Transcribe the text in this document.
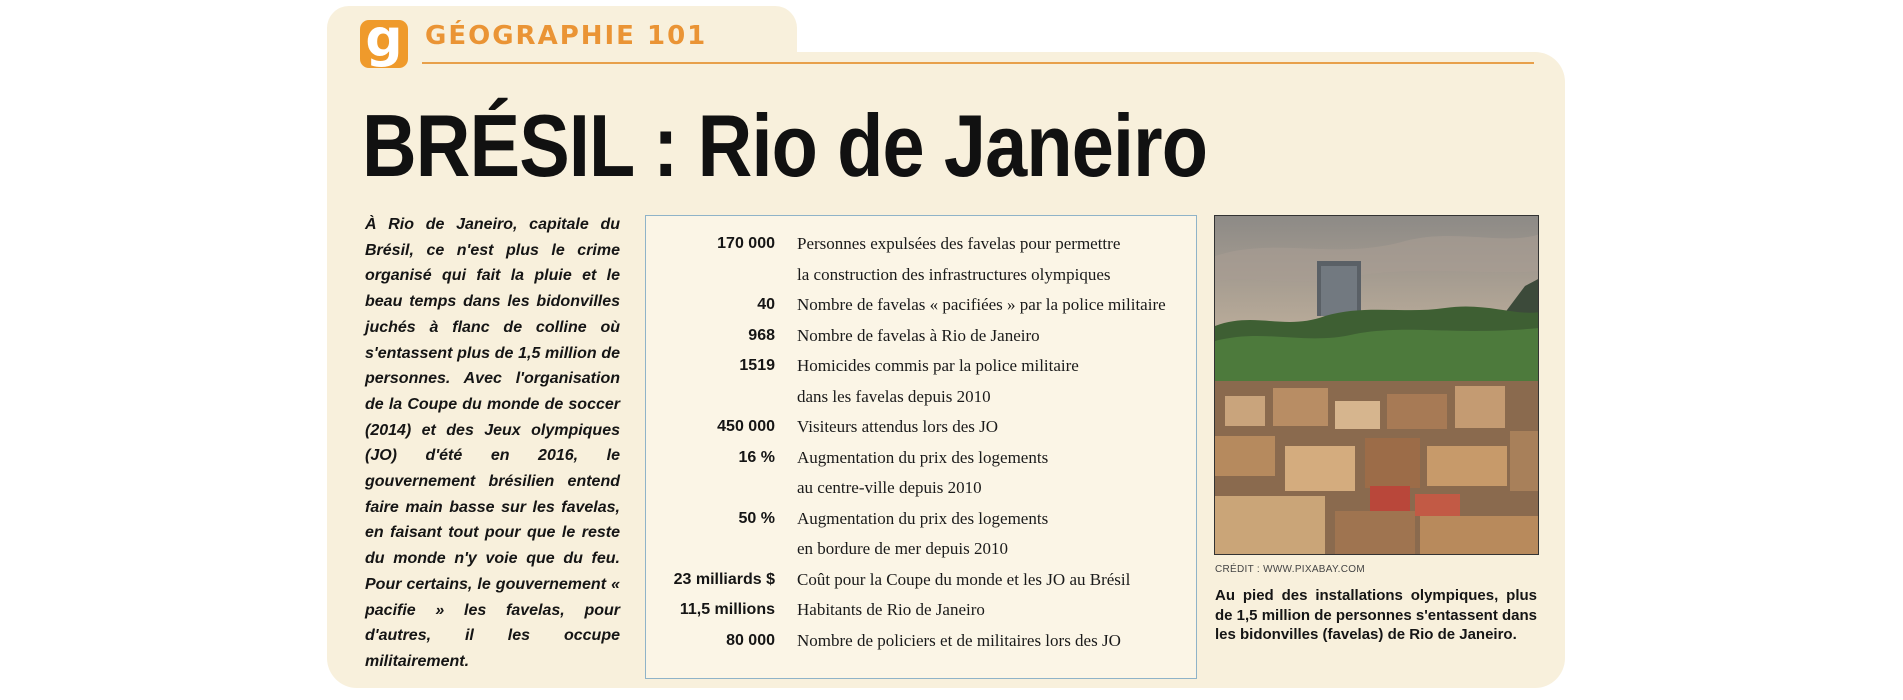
g GÉOGRAPHIE 101
BRÉSIL : Rio de Janeiro
À Rio de Janeiro, capitale du Brésil, ce n'est plus le crime organisé qui fait la pluie et le beau temps dans les bidonvilles juchés à flanc de colline où s'entassent plus de 1,5 million de personnes. Avec l'organisation de la Coupe du monde de soccer (2014) et des Jeux olympiques (JO) d'été en 2016, le gouvernement brésilien entend faire main basse sur les favelas, en faisant tout pour que le reste du monde n'y voie que du feu. Pour certains, le gouvernement « pacifie » les favelas, pour d'autres, il les occupe militairement.
170 000	Personnes expulsées des favelas pour permettre
la construction des infrastructures olympiques

40	Nombre de favelas « pacifiées » par la police militaire

968	Nombre de favelas à Rio de Janeiro

1519	Homicides commis par la police militaire
dans les favelas depuis 2010

450 000	Visiteurs attendus lors des JO

16 %	Augmentation du prix des logements
au centre-ville depuis 2010

50 %	Augmentation du prix des logements
en bordure de mer depuis 2010

23 milliards $	Coût pour la Coupe du monde et les JO au Brésil

11,5 millions	Habitants de Rio de Janeiro

80 000	Nombre de policiers et de militaires lors des JO
CRÉDIT : WWW.PIXABAY.COM
Au pied des installations olympiques, plus de 1,5 million de personnes s'entassent dans les bidonvilles (favelas) de Rio de Janeiro.
